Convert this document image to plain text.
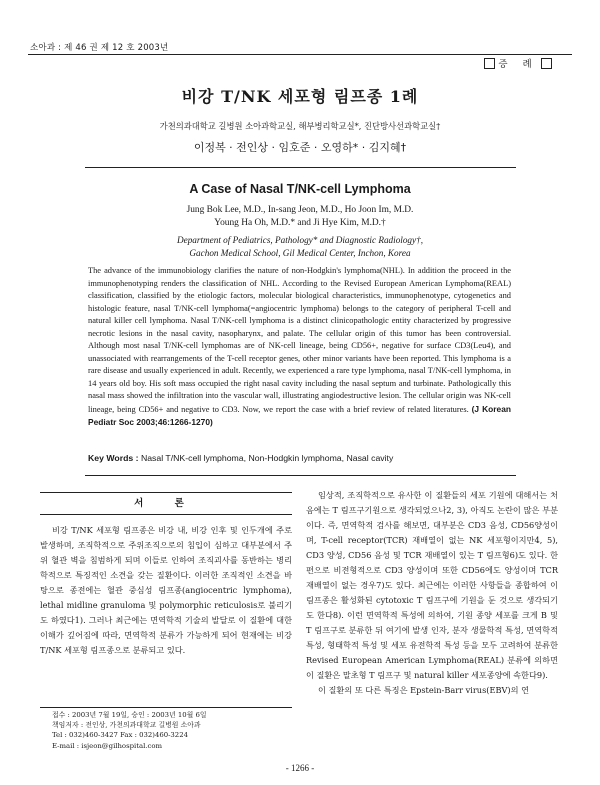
소아과 : 제 46 권 제 12 호 2003년
증 례
비강 T/NK 세포형 림프종 1례
가천의과대학교 길병원 소아과학교실, 해부병리학교실*, 진단방사선과학교실†
이정복 · 전인상 · 임호준 · 오영하* · 김지혜†
A Case of Nasal T/NK-cell Lymphoma
Jung Bok Lee, M.D., In-sang Jeon, M.D., Ho Joon Im, M.D.
Young Ha Oh, M.D.* and Ji Hye Kim, M.D.†
Department of Pediatrics, Pathology* and Diagnostic Radiology†,
Gachon Medical School, Gil Medical Center, Inchon, Korea
The advance of the immunobiology clarifies the nature of non-Hodgkin's lymphoma(NHL). In addition the proceed in the immunophenotyping renders the classification of NHL. According to the Revised European American Lymphoma(REAL) classification, classified by the etiologic factors, molecular biological characteristics, immunophenotype, cytogenetics and histologic feature, nasal T/NK-cell lymphoma(=angiocentric lymphoma) belongs to the category of peripheral T-cell and natural killer cell lymphoma. Nasal T/NK-cell lymphoma is a distinct clinicopathologic entity characterized by progressive necrotic lesions in the nasal cavity, nasopharynx, and palate. The cellular origin of this tumor has been controversial. Although most nasal T/NK-cell lymphomas are of NK-cell lineage, being CD56+, negative for surface CD3(Leu4), and unassociated with rearrangements of the T-cell receptor genes, other minor variants have been reported. This lymphoma is a rare disease and usually experienced in adult. Recently, we experienced a rare type lymphoma, nasal T/NK-cell lymphoma, in 14 years old boy. His soft mass occupied the right nasal cavity including the nasal septum and turbinate. Pathologically this nasal mass showed the infiltration into the vascular wall, illustrating angiodestructive lesion. The cellular origin was NK-cell lineage, being CD56+ and negative to CD3. Now, we report the case with a brief review of related literatures. (J Korean Pediatr Soc 2003;46:1266-1270)
Key Words : Nasal T/NK-cell lymphoma, Non-Hodgkin lymphoma, Nasal cavity
서 론

비강 T/NK 세포형 림프종은 비강 내, 비강 인후 및 인두개에 주로 발생하며, 조직학적으로 주위조직으로의 침입이 심하고 대부분에서 주위 혈관 벽을 침범하게 되며 이들로 인하여 조직괴사를 동반하는 병리학적으로 특징적인 소견을 갖는 질환이다. 이러한 조직적인 소견을 바탕으로 종전에는 혈관 중심성 림프종(angiocentric lymphoma), lethal midline granuloma 및 polymorphic reticulosis로 불리기도 하였다1). 그러나 최근에는 면역학적 기술의 발달로 이 질환에 대한 이해가 깊어짐에 따라, 면역학적 분류가 가능하게 되어 현재에는 비강 T/NK 세포형 림프종으로 분류되고 있다.

임상적, 조직학적으로 유사한 이 질환들의 세포 기원에 대해서는 처음에는 T 림프구기원으로 생각되었으나2, 3), 아직도 논란이 많은 부분이다. 즉, 면역학적 검사를 해보면, 대부분은 CD3 음성, CD56양성이며, T-cell receptor(TCR) 재배열이 없는 NK 세포형이지만4, 5), CD3 양성, CD56 음성 및 TCR 재배열이 있는 T 림프형6)도 있다. 한편으로 비전형적으로 CD3 양성이며 또한 CD56에도 양성이며 TCR 재배열이 없는 경우7)도 있다. 최근에는 이러한 사항들을 종합하여 이 림프종은 활성화된 cytotoxic T 림프구에 기원을 둔 것으로 생각되기도 한다8). 이런 면역학적 특성에 의하여, 기원 종양 세포를 크게 B 및 T 림프구로 분류한 뒤 여기에 발생 인자, 분자 생물학적 특성, 면역학적 특성, 형태학적 특성 및 세포 유전학적 특성 등을 모두 고려하여 분류한 Revised European American Lymphoma(REAL) 분류에 의하면 이 질환은 말초형 T 림프구 및 natural killer 세포종양에 속한다9).

이 질환의 또 다른 특징은 Epstein-Barr virus(EBV)의 연

접수 : 2003년 7월 19일, 승인 : 2003년 10월 6일
책임저자 : 전인상, 가천의과대학교 길병원 소아과
Tel : 032)460-3427 Fax : 032)460-3224
E-mail : isjeon@gilhospital.com
- 1266 -
